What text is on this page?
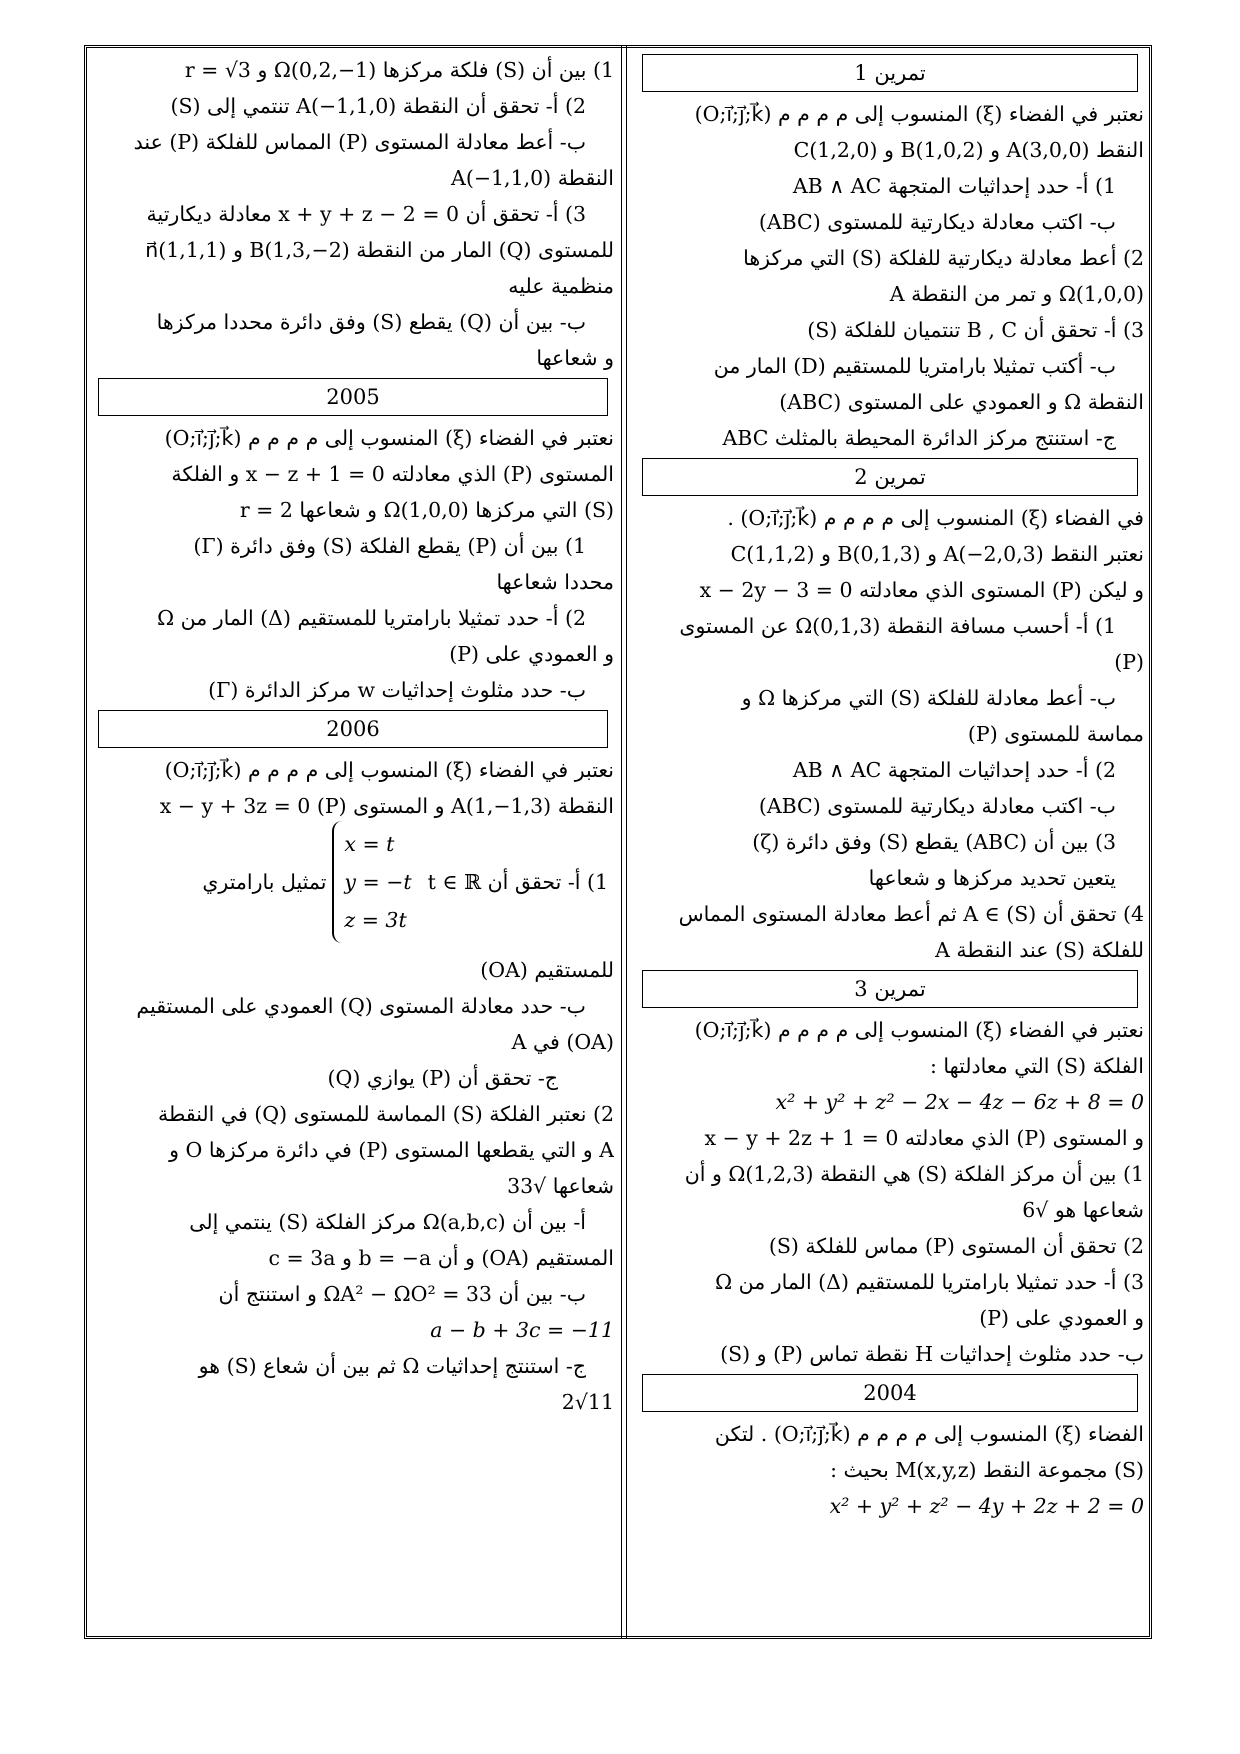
تمرين 1
نعتبر في الفضاء (ξ) المنسوب إلى م م م م (O;i⃗;j⃗;k⃗)
النقط A(3,0,0) و B(1,0,2) و C(1,2,0)
1) أ- حدد إحداثيات المتجهة AB ∧ AC
ب- اكتب معادلة ديكارتية للمستوى (ABC)
2) أعط معادلة ديكارتية للفلكة (S) التي مركزها
Ω(1,0,0) و تمر من النقطة A
3) أ- تحقق أن B , C تنتميان للفلكة (S)
ب- أكتب تمثيلا بارامتريا للمستقيم (D) المار من
النقطة Ω و العمودي على المستوى (ABC)
ج- استنتج مركز الدائرة المحيطة بالمثلث ABC
تمرين 2
في الفضاء (ξ) المنسوب إلى م م م م (O;i⃗;j⃗;k⃗) .
نعتبر النقط A(−2,0,3) و B(0,1,3) و C(1,1,2)
و ليكن (P) المستوى الذي معادلته x − 2y − 3 = 0
1) أ- أحسب مسافة النقطة Ω(0,1,3) عن المستوى
(P)
ب- أعط معادلة للفلكة (S) التي مركزها Ω و
مماسة للمستوى (P)
2) أ- حدد إحداثيات المتجهة AB ∧ AC
ب- اكتب معادلة ديكارتية للمستوى (ABC)
3) بين أن (ABC) يقطع (S) وفق دائرة (ζ)
يتعين تحديد مركزها و شعاعها
4) تحقق أن A ∈ (S) ثم أعط معادلة المستوى المماس
للفلكة (S) عند النقطة A
تمرين 3
نعتبر في الفضاء (ξ) المنسوب إلى م م م م (O;i⃗;j⃗;k⃗)
الفلكة (S) التي معادلتها :
x² + y² + z² − 2x − 4z − 6z + 8 = 0
و المستوى (P) الذي معادلته x − y + 2z + 1 = 0
1) بين أن مركز الفلكة (S) هي النقطة Ω(1,2,3) و أن
شعاعها هو √6
2) تحقق أن المستوى (P) مماس للفلكة (S)
3) أ- حدد تمثيلا بارامتريا للمستقيم (Δ) المار من Ω
و العمودي على (P)
ب- حدد مثلوث إحداثيات H نقطة تماس (P) و (S)
2004
الفضاء (ξ) المنسوب إلى م م م م (O;i⃗;j⃗;k⃗) . لتكن
(S) مجموعة النقط M(x,y,z) بحيث :
x² + y² + z² − 4y + 2z + 2 = 0
1) بين أن (S) فلكة مركزها Ω(0,2,−1) و r = √3
2) أ- تحقق أن النقطة A(−1,1,0) تنتمي إلى (S)
ب- أعط معادلة المستوى (P) المماس للفلكة (P) عند
النقطة A(−1,1,0)
3) أ- تحقق أن x + y + z − 2 = 0 معادلة ديكارتية
للمستوى (Q) المار من النقطة B(1,3,−2) و n⃗(1,1,1)
منظمية عليه
ب- بين أن (Q) يقطع (S) وفق دائرة محددا مركزها
و شعاعها
2005
نعتبر في الفضاء (ξ) المنسوب إلى م م م م (O;i⃗;j⃗;k⃗)
المستوى (P) الذي معادلته x − z + 1 = 0 و الفلكة
(S) التي مركزها Ω(1,0,0) و شعاعها r = 2
1) بين أن (P) يقطع الفلكة (S) وفق دائرة (Γ)
محددا شعاعها
2) أ- حدد تمثيلا بارامتريا للمستقيم (Δ) المار من Ω
و العمودي على (P)
ب- حدد مثلوث إحداثيات w مركز الدائرة (Γ)
2006
نعتبر في الفضاء (ξ) المنسوب إلى م م م م (O;i⃗;j⃗;k⃗)
النقطة A(1,−1,3) و المستوى (P) x − y + 3z = 0
1) أ- تحقق أن t ∈ ℝ
x = t
y = −t
z = 3t
تمثيل بارامتري
للمستقيم (OA)
ب- حدد معادلة المستوى (Q) العمودي على المستقيم
(OA) في A
ج- تحقق أن (P) يوازي (Q)
2) نعتبر الفلكة (S) المماسة للمستوى (Q) في النقطة
A و التي يقطعها المستوى (P) في دائرة مركزها O و
شعاعها √33
أ- بين أن Ω(a,b,c) مركز الفلكة (S) ينتمي إلى
المستقيم (OA) و أن b = −a و c = 3a
ب- بين أن ΩA² − ΩO² = 33 و استنتج أن
a − b + 3c = −11
ج- استنتج إحداثيات Ω ثم بين أن شعاع (S) هو
2√11
